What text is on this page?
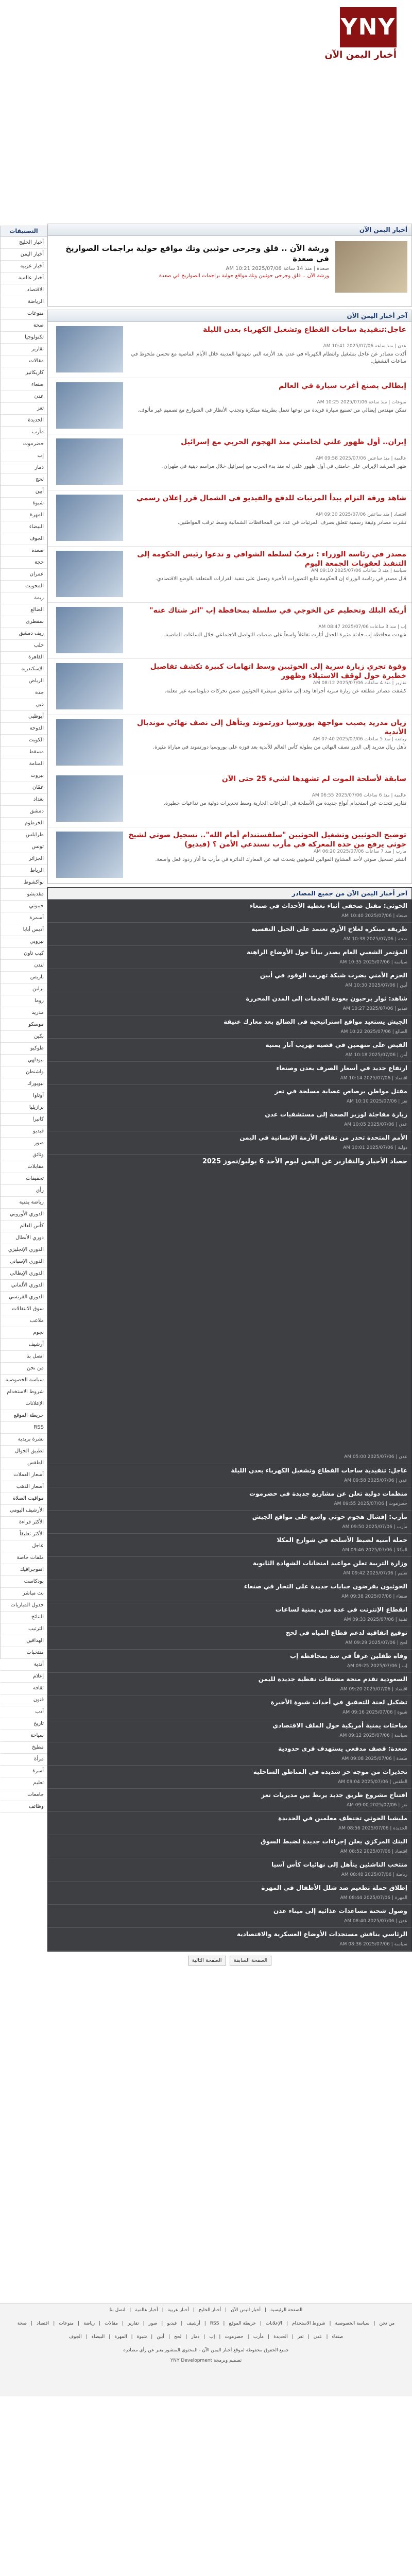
YNY
أخبار اليمن الآن
التصنيفات
أخبار الخليج
أخبار اليمن
أخبار عربية
أخبار عالمية
الاقتصاد
الرياضة
منوعات
صحة
تكنولوجيا
تقارير
مقالات
كاريكاتير
صنعاء
عدن
تعز
الحديدة
مأرب
حضرموت
إب
ذمار
لحج
أبين
شبوة
المهرة
البيضاء
الجوف
صعدة
حجة
عمران
المحويت
ريمة
الضالع
سقطرى
ريف دمشق
حلب
القاهرة
الإسكندرية
الرياض
جدة
دبي
أبوظبي
الدوحة
الكويت
مسقط
المنامة
بيروت
عمّان
بغداد
دمشق
الخرطوم
طرابلس
تونس
الجزائر
الرباط
نواكشوط
مقديشو
جيبوتي
أسمرة
أديس أبابا
نيروبي
كيب تاون
لندن
باريس
برلين
روما
مدريد
موسكو
بكين
طوكيو
نيودلهي
واشنطن
نيويورك
أوتاوا
برازيليا
كانبرا
فيديو
صور
وثائق
مقابلات
تحقيقات
رأي
رياضة يمنية
الدوري الأوروبي
كأس العالم
دوري الأبطال
الدوري الإنجليزي
الدوري الإسباني
الدوري الإيطالي
الدوري الألماني
الدوري الفرنسي
سوق الانتقالات
ملاعب
نجوم
أرشيف
اتصل بنا
من نحن
سياسة الخصوصية
شروط الاستخدام
الإعلانات
خريطة الموقع
RSS
نشرة بريدية
تطبيق الجوال
الطقس
أسعار العملات
أسعار الذهب
مواقيت الصلاة
الأرشيف اليومي
الأكثر قراءة
الأكثر تعليقاً
عاجل
ملفات خاصة
انفوجرافيك
بودكاست
بث مباشر
جدول المباريات
النتائج
الترتيب
الهدافين
منتخبات
أندية
إعلام
ثقافة
فنون
أدب
تاريخ
سياحة
مطبخ
مرأة
أسرة
تعليم
جامعات
وظائف
أخبار اليمن الآن
ورشة الآن .. قلق وجرحى حوثيين وتك مواقع حولية براجمات الصواريخ في صعدة
صعدة | منذ 14 ساعة AM 10:21 2025/07/06
ورشة الآن .. قلق وجرحى حوثيين وتك مواقع حولية براجمات الصواريخ في صعدة
آخر أخبار اليمن الآن
عاجل:تنفيذية ساحات القطاع وتشغيل الكهرباء بعدن الليلة
عدن | منذ ساعة AM 10:41 2025/07/06
أكدت مصادر عن عاجل بتشغيل وانتظام الكهرباء في عدن بعد الأزمة التي شهدتها المدينة خلال الأيام الماضية مع تحسن ملحوظ في ساعات التشغيل.
إيطالي يصنع أغرب سيارة في العالم
منوعات | منذ ساعة AM 10:25 2025/07/06
تمكن مهندس إيطالي من تصنيع سيارة فريدة من نوعها تعمل بطريقة مبتكرة وتجذب الأنظار في الشوارع مع تصميم غير مألوف.
إيران.. أول ظهور علني لخامنئي منذ الهجوم الحربي مع إسرائيل
عالمية | منذ ساعتين AM 09:58 2025/07/06
ظهر المرشد الإيراني علي خامنئي في أول ظهور علني له منذ بدء الحرب مع إسرائيل خلال مراسم دينية في طهران.
شاهد ورقة التزام يبدأ المرتبات للدفع والفيديو في الشمال قرر إعلان رسمي
اقتصاد | منذ ساعتين AM 09:30 2025/07/06
نشرت مصادر وثيقة رسمية تتعلق بصرف المرتبات في عدد من المحافظات الشمالية وسط ترقب المواطنين.
مصدر في رئاسة الوزراء : ترقبٌ لسلطة الشوافي و تدعوا رئيس الحكومة إلى التنفيذ لعقوبات الجمعة اليوم
سياسة | منذ 3 ساعات AM 09:10 2025/07/06
قال مصدر في رئاسة الوزراء إن الحكومة تتابع التطورات الأخيرة وتعمل على تنفيذ القرارات المتعلقة بالوضع الاقتصادي.
أريكة البلك وتحطيم عن الخوجي في سلسلة بمحافظة إب "اتر شتاك عنه"
إب | منذ 3 ساعات AM 08:47 2025/07/06
شهدت محافظة إب حادثة مثيرة للجدل أثارت تفاعلاً واسعاً على منصات التواصل الاجتماعي خلال الساعات الماضية.
وقوة تجري زيارة سرية إلى الحوثيين وسط اتهامات كبيرة تكشف تفاصيل خطيرة حول لوقف الاستيلاء وظهور
تقارير | منذ 4 ساعات AM 08:12 2025/07/06
كشفت مصادر مطلعة عن زيارة سرية أجراها وفد إلى مناطق سيطرة الحوثيين ضمن تحركات دبلوماسية غير معلنة.
زيان مدريد يصيب مواجهة بوروسيا دورتموند ويتأهل إلى نصف نهائي مونديال الأندية
رياضة | منذ 5 ساعات AM 07:40 2025/07/06
تأهل ريال مدريد إلى الدور نصف النهائي من بطولة كأس العالم للأندية بعد فوزه على بوروسيا دورتموند في مباراة مثيرة.
سابقة لأسلحة الموت لم تشهدها لشيء 25 حتى الآن
عالمية | منذ 6 ساعات AM 06:55 2025/07/06
تقارير تتحدث عن استخدام أنواع جديدة من الأسلحة في النزاعات الجارية وسط تحذيرات دولية من تداعيات خطيرة.
توضيح الحوثيين وتشغيل الحوثيين "سلفستندام أمام الله".. تسجيل صوتي لشيخ حوثي يرفع من حدة المعركة في مأرب تستدعي الأمن ؟ (فيديو)
مأرب | منذ 7 ساعات AM 06:20 2025/07/06
انتشر تسجيل صوتي لأحد المشايخ الموالين للحوثيين يتحدث فيه عن المعارك الدائرة في مأرب ما أثار ردود فعل واسعة.
آخر أخبار اليمن الآن من جميع المصادر
الحوثي: مقتل صحفي أثناء تغطية الأحداث في صنعاء
صنعاء | AM 10:40 2025/07/06
طريقة مبتكرة لعلاج الأرق تعتمد على الحيل النفسية
صحة | AM 10:38 2025/07/06
المؤتمر الشعبي العام يصدر بياناً حول الأوضاع الراهنة
سياسة | AM 10:35 2025/07/06
الحزم الأمني يضرب شبكة تهريب الوقود في أبين
أبين | AM 10:30 2025/07/06
شاهد: ثوار يرحبون بعودة الخدمات إلى المدن المحررة
فيديو | AM 10:27 2025/07/06
الجيش يستعيد مواقع استراتيجية في الضالع بعد معارك عنيفة
الضالع | AM 10:22 2025/07/06
القبض على متهمين في قضية تهريب آثار يمنية
أمن | AM 10:18 2025/07/06
ارتفاع جديد في أسعار الصرف بعدن وصنعاء
اقتصاد | AM 10:14 2025/07/06
مقتل مواطن برصاص عصابة مسلحة في تعز
تعز | AM 10:10 2025/07/06
زيارة مفاجئة لوزير الصحة إلى مستشفيات عدن
عدن | AM 10:05 2025/07/06
الأمم المتحدة تحذر من تفاقم الأزمة الإنسانية في اليمن
دولية | AM 10:01 2025/07/06
حصاد الأخبار والتقارير عن اليمن ليوم الأحد 6 يوليو/تموز 2025
عدن | AM 05:00 2025/07/06
عاجل: تنفيذية ساحات القطاع وتشغيل الكهرباء بعدن الليلة
عدن | AM 09:58 2025/07/06
منظمات دولية تعلن عن مشاريع جديدة في حضرموت
حضرموت | AM 09:55 2025/07/06
مأرب: إفشال هجوم حوثي واسع على مواقع الجيش
مأرب | AM 09:50 2025/07/06
حملة أمنية لضبط الأسلحة في شوارع المكلا
المكلا | AM 09:46 2025/07/06
وزارة التربية تعلن مواعيد امتحانات الشهادة الثانوية
تعليم | AM 09:42 2025/07/06
الحوثيون يفرضون جبايات جديدة على التجار في صنعاء
صنعاء | AM 09:38 2025/07/06
انقطاع الإنترنت في عدة مدن يمنية لساعات
تقنية | AM 09:33 2025/07/06
توقيع اتفاقية لدعم قطاع المياه في لحج
لحج | AM 09:29 2025/07/06
وفاة طفلين غرقاً في سد بمحافظة إب
إب | AM 09:25 2025/07/06
السعودية تقدم منحة مشتقات نفطية جديدة لليمن
اقتصاد | AM 09:20 2025/07/06
تشكيل لجنة للتحقيق في أحداث شبوة الأخيرة
شبوة | AM 09:16 2025/07/06
مباحثات يمنية أمريكية حول الملف الاقتصادي
سياسة | AM 09:12 2025/07/06
صعدة: قصف مدفعي يستهدف قرى حدودية
صعدة | AM 09:08 2025/07/06
تحذيرات من موجة حر شديدة في المناطق الساحلية
الطقس | AM 09:04 2025/07/06
افتتاح مشروع طريق جديد يربط بين مديريات تعز
تعز | AM 09:00 2025/07/06
مليشيا الحوثي تختطف معلمين في الحديدة
الحديدة | AM 08:56 2025/07/06
البنك المركزي يعلن إجراءات جديدة لضبط السوق
اقتصاد | AM 08:52 2025/07/06
منتخب الناشئين يتأهل إلى نهائيات كأس آسيا
رياضة | AM 08:48 2025/07/06
إطلاق حملة تطعيم ضد شلل الأطفال في المهرة
المهرة | AM 08:44 2025/07/06
وصول شحنة مساعدات غذائية إلى ميناء عدن
عدن | AM 08:40 2025/07/06
الرئاسي يناقش مستجدات الأوضاع العسكرية والاقتصادية
سياسة | AM 08:36 2025/07/06
الصفحة السابقة الصفحة التالية
الصفحة الرئيسية|أخبار اليمن الآن|أخبار الخليج|أخبار عربية|أخبار عالمية|اتصل بنا
من نحن|سياسة الخصوصية|شروط الاستخدام|الإعلانات|خريطة الموقع|RSS|أرشيف|فيديو|صور|تقارير|مقالات|رياضة|منوعات|اقتصاد|صحة
صنعاء|عدن|تعز|الحديدة|مأرب|حضرموت|إب|ذمار|لحج|أبين|شبوة|المهرة|البيضاء|الجوف
جميع الحقوق محفوظة لموقع أخبار اليمن الآن - المحتوى المنشور يعبر عن رأي مصادره
تصميم وبرمجة YNY Development
